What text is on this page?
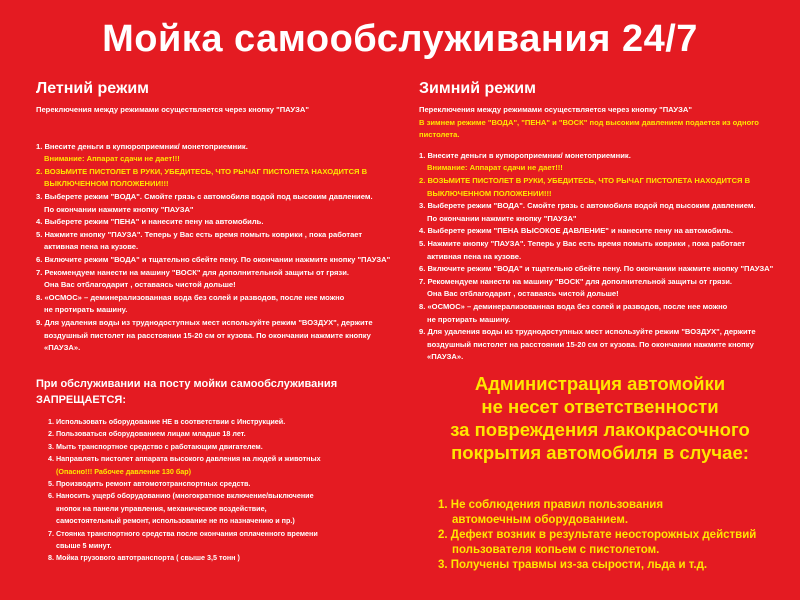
Мойка самообслуживания 24/7
Летний режим

Переключения между режимами осуществляется через кнопку "ПАУЗА"

1. Внесите деньги в купюроприемник/ монетоприемник.
Внимание: Аппарат сдачи не дает!!!
2. ВОЗЬМИТЕ ПИСТОЛЕТ В РУКИ, УБЕДИТЕСЬ, ЧТО РЫЧАГ ПИСТОЛЕТА НАХОДИТСЯ В
ВЫКЛЮЧЕННОМ ПОЛОЖЕНИИ!!!
3. Выберете режим "ВОДА". Смойте грязь с автомобиля водой под высоким давлением.
По окончании нажмите кнопку "ПАУЗА"
4. Выберете режим "ПЕНА" и нанесите пену на автомобиль.
5. Нажмите кнопку "ПАУЗА". Теперь у Вас есть время помыть коврики , пока работает
активная пена на кузове.
6. Включите режим "ВОДА" и тщательно сбейте пену. По окончании нажмите кнопку "ПАУЗА"
7. Рекомендуем нанести на машину "ВОСК" для дополнительной защиты от грязи.
Она Вас отблагодарит , оставаясь чистой дольше!
8. «ОСМОС» – деминерализованная вода без солей и разводов, после нее можно
не протирать машину.
9. Для удаления воды из труднодоступных мест используйте режим "ВОЗДУХ", держите
воздушный пистолет на расстоянии 15-20 см от кузова. По окончании нажмите кнопку
«ПАУЗА».
Зимний режим

Переключения между режимами осуществляется через кнопку "ПАУЗА"

В зимнем режиме "ВОДА", "ПЕНА" и "ВОСК" под высоким давлением подается из одного
пистолета.

1. Внесите деньги в купюроприемник/ монетоприемник.
Внимание: Аппарат сдачи не дает!!!
2. ВОЗЬМИТЕ ПИСТОЛЕТ В РУКИ, УБЕДИТЕСЬ, ЧТО РЫЧАГ ПИСТОЛЕТА НАХОДИТСЯ В
ВЫКЛЮЧЕННОМ ПОЛОЖЕНИИ!!!
3. Выберете режим "ВОДА". Смойте грязь с автомобиля водой под высоким давлением.
По окончании нажмите кнопку "ПАУЗА"
4. Выберете режим "ПЕНА ВЫСОКОЕ ДАВЛЕНИЕ" и нанесите пену на автомобиль.
5. Нажмите кнопку "ПАУЗА". Теперь у Вас есть время помыть коврики , пока работает
активная пена на кузове.
6. Включите режим "ВОДА" и тщательно сбейте пену. По окончании нажмите кнопку "ПАУЗА"
7. Рекомендуем нанести на машину "ВОСК" для дополнительной защиты от грязи.
Она Вас отблагодарит , оставаясь чистой дольше!
8. «ОСМОС» – деминерализованная вода без солей и разводов, после нее можно
не протирать машину.
9. Для удаления воды из труднодоступных мест используйте режим "ВОЗДУХ", держите
воздушный пистолет на расстоянии 15-20 см от кузова. По окончании нажмите кнопку
«ПАУЗА».

При обслуживании на посту мойки самообслуживания
ЗАПРЕЩАЕТСЯ:

1. Использовать оборудование НЕ в соответствии с Инструкцией.
2. Пользоваться оборудованием лицам младше 18 лет.
3. Мыть транспортное средство с работающим двигателем.
4. Направлять пистолет аппарата высокого давления на людей и животных
(Опасно!!! Рабочее давление 130 бар)
5. Производить ремонт автомототранспортных средств.
6. Наносить ущерб оборудованию (многократное включение/выключение
кнопок на панели управления, механическое воздействие,
самостоятельный ремонт, использование не по назначению и пр.)
7. Стоянка транспортного средства после окончания оплаченного времени
свыше 5 минут.
8. Мойка грузового автотранспорта ( свыше 3,5 тонн )

Администрация автомойки
не несет ответственности
за повреждения лакокрасочного
покрытия автомобиля в случае:

1. Не соблюдения правил пользования
автомоечным оборудованием.
2. Дефект возник в результате неосторожных действий
пользователя копьем с пистолетом.
3. Получены травмы из-за сырости, льда и т.д.
